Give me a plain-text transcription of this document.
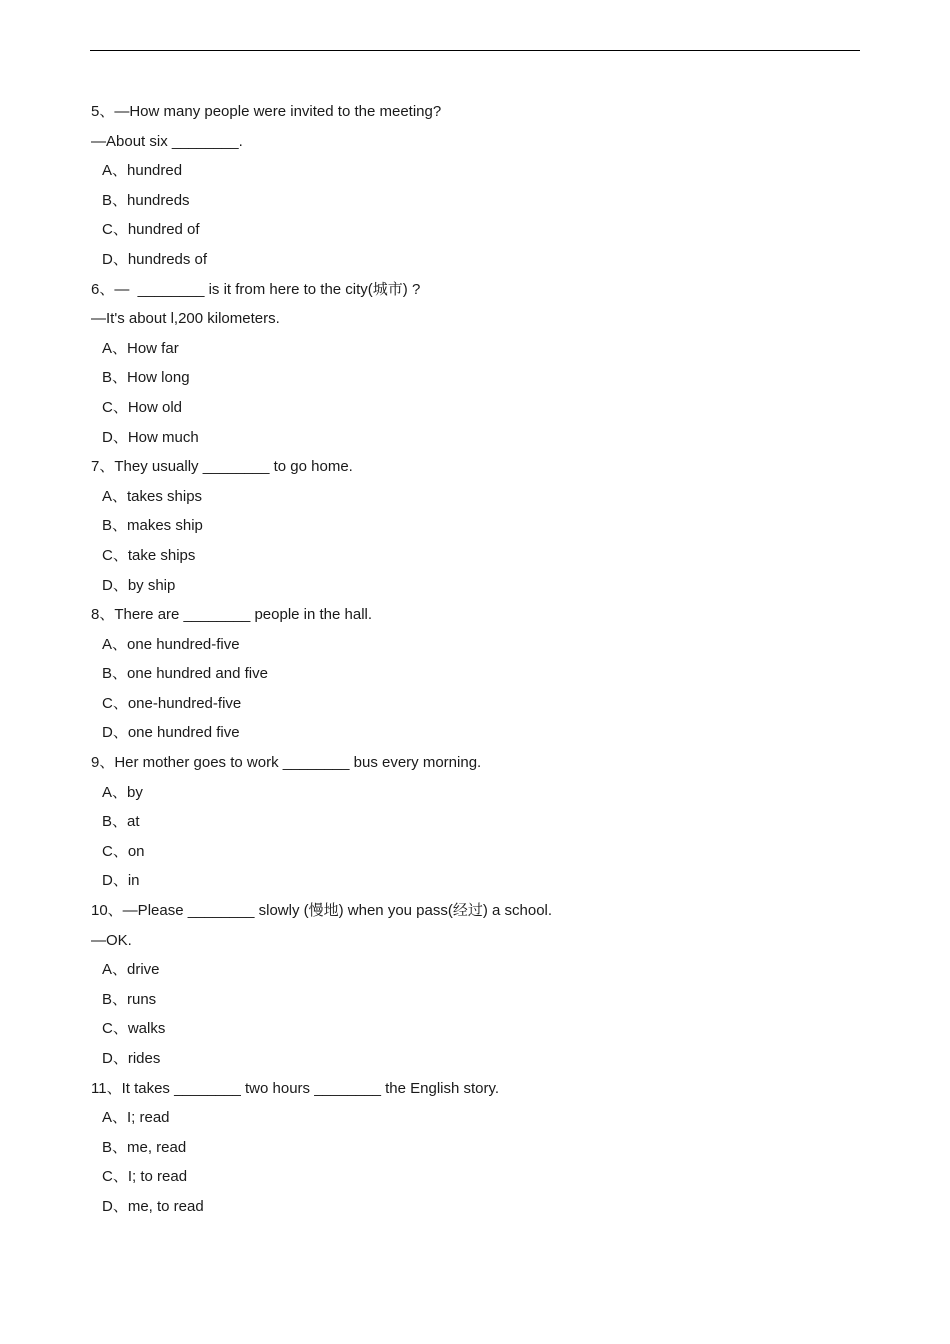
5、—How many people were invited to the meeting?
—About six ________.
A、hundred
B、hundreds
C、hundred of
D、hundreds of
6、—  ________ is it from here to the city(城市) ?
—It's about l,200 kilometers.
A、How far
B、How long
C、How old
D、How much
7、They usually ________ to go home.
A、takes ships
B、makes ship
C、take ships
D、by ship
8、There are ________ people in the hall.
A、one hundred-five
B、one hundred and five
C、one-hundred-five
D、one hundred five
9、Her mother goes to work ________ bus every morning.
A、by
B、at
C、on
D、in
10、—Please ________ slowly (慢地) when you pass(经过) a school.
—OK.
A、drive
B、runs
C、walks
D、rides
11、It takes ________ two hours ________ the English story.
A、I; read
B、me, read
C、I; to read
D、me, to read
